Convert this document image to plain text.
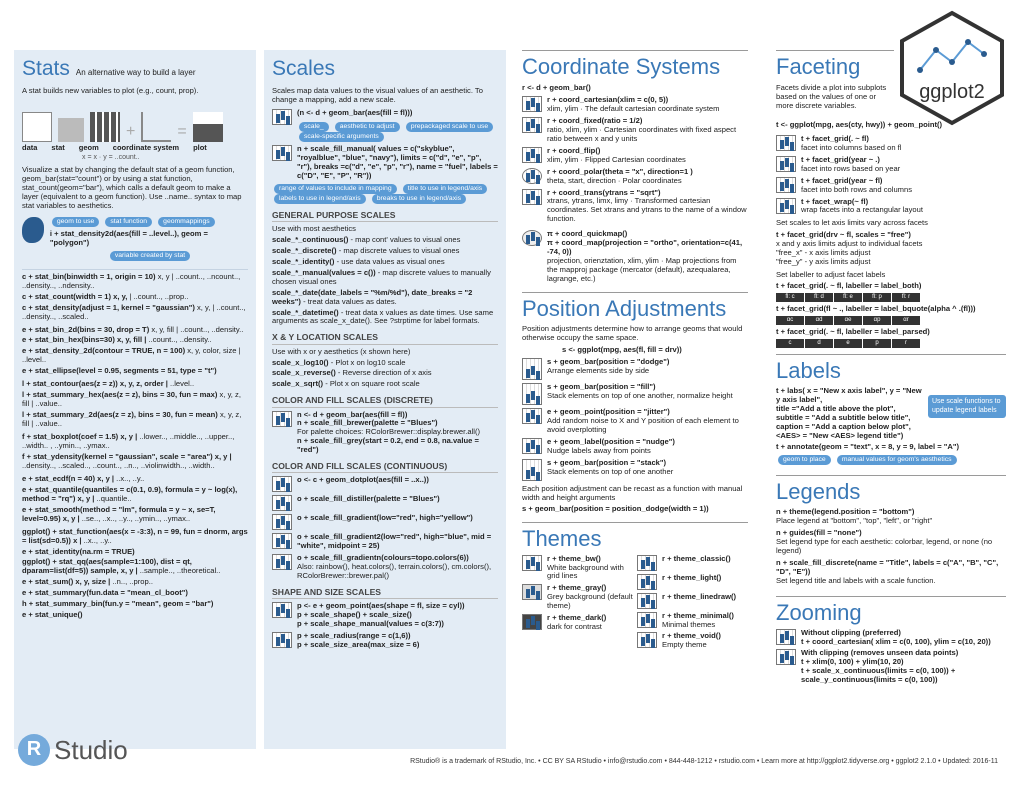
Stats An alternative way to build a layer
A stat builds new variables to plot (e.g., count, prop).
+	=
data stat geom coordinate system plot
x = x · y = ..count..
Visualize a stat by changing the default stat of a geom function, geom_bar(stat="count") or by using a stat function, stat_count(geom="bar"), which calls a default geom to make a layer (equivalent to a geom function). Use ..name.. syntax to map stat variables to aesthetics.
geom to use stat function geommappings
i + stat_density2d(aes(fill = ..level..), geom = "polygon")
variable created by stat
c + stat_bin(binwidth = 1, origin = 10) x, y | ..count.., ..ncount.., ..density.., ..ndensity..
c + stat_count(width = 1) x, y, | ..count.., ..prop..
c + stat_density(adjust = 1, kernel = "gaussian") x, y, | ..count.., ..density.., ..scaled..
e + stat_bin_2d(bins = 30, drop = T) x, y, fill | ..count.., ..density..
e + stat_bin_hex(bins=30) x, y, fill | ..count.., ..density..
e + stat_density_2d(contour = TRUE, n = 100) x, y, color, size | ..level..
e + stat_ellipse(level = 0.95, segments = 51, type = "t")
l + stat_contour(aes(z = z)) x, y, z, order | ..level..
l + stat_summary_hex(aes(z = z), bins = 30, fun = max) x, y, z, fill | ..value..
l + stat_summary_2d(aes(z = z), bins = 30, fun = mean) x, y, z, fill | ..value..
f + stat_boxplot(coef = 1.5) x, y | ..lower.., ..middle.., ..upper.., ..width.. , ..ymin.., ..ymax..
f + stat_ydensity(kernel = "gaussian", scale = "area") x, y | ..density.., ..scaled.., ..count.., ..n.., ..violinwidth.., ..width..
e + stat_ecdf(n = 40) x, y | ..x.., ..y..
e + stat_quantile(quantiles = c(0.1, 0.9), formula = y ~ log(x), method = "rq") x, y | ..quantile..
e + stat_smooth(method = "lm", formula = y ~ x, se=T, level=0.95) x, y | ..se.., ..x.., ..y.., ..ymin.., ..ymax..
ggplot() + stat_function(aes(x = -3:3), n = 99, fun = dnorm, args = list(sd=0.5)) x | ..x.., ..y..
e + stat_identity(na.rm = TRUE)
ggplot() + stat_qq(aes(sample=1:100), dist = qt, dparam=list(df=5)) sample, x, y | ..sample.., ..theoretical..
e + stat_sum() x, y, size | ..n.., ..prop..
e + stat_summary(fun.data = "mean_cl_boot")
h + stat_summary_bin(fun.y = "mean", geom = "bar")
e + stat_unique()
Scales
Scales map data values to the visual values of an aesthetic. To change a mapping, add a new scale.
(n <- d + geom_bar(aes(fill = fl)))
scale_ aesthetic to adjust prepackaged scale to use scale-specific arguments
n + scale_fill_manual( values = c("skyblue", "royalblue", "blue", "navy"), limits = c("d", "e", "p", "r"), breaks =c("d", "e", "p", "r"), name = "fuel", labels = c("D", "E", "P", "R"))
range of values to include in mapping title to use in legend/axis labels to use in legend/axis breaks to use in legend/axis
GENERAL PURPOSE SCALES
Use with most aesthetics
scale_*_continuous() - map cont' values to visual ones
scale_*_discrete() - map discrete values to visual ones
scale_*_identity() - use data values as visual ones
scale_*_manual(values = c()) - map discrete values to manually chosen visual ones
scale_*_date(date_labels = "%m/%d"), date_breaks = "2 weeks") - treat data values as dates.
scale_*_datetime() - treat data x values as date times. Use same arguments as scale_x_date(). See ?strptime for label formats.
X & Y LOCATION SCALES
Use with x or y aesthetics (x shown here)
scale_x_log10() - Plot x on log10 scale
scale_x_reverse() - Reverse direction of x axis
scale_x_sqrt() - Plot x on square root scale
COLOR AND FILL SCALES (DISCRETE)
n <- d + geom_bar(aes(fill = fl))
n + scale_fill_brewer(palette = "Blues")
For palette choices: RColorBrewer::display.brewer.all()
n + scale_fill_grey(start = 0.2, end = 0.8, na.value = "red")
COLOR AND FILL SCALES (CONTINUOUS)
o <- c + geom_dotplot(aes(fill = ..x..))
o + scale_fill_distiller(palette = "Blues")
o + scale_fill_gradient(low="red", high="yellow")
o + scale_fill_gradient2(low="red", high="blue", mid = "white", midpoint = 25)
o + scale_fill_gradientn(colours=topo.colors(6))
Also: rainbow(), heat.colors(), terrain.colors(), cm.colors(), RColorBrewer::brewer.pal()
SHAPE AND SIZE SCALES
p <- e + geom_point(aes(shape = fl, size = cyl))
p + scale_shape() + scale_size()
p + scale_shape_manual(values = c(3:7))
p + scale_radius(range = c(1,6))
p + scale_size_area(max_size = 6)
Coordinate Systems
r <- d + geom_bar()
r + coord_cartesian(xlim = c(0, 5))
xlim, ylim · The default cartesian coordinate system
r + coord_fixed(ratio = 1/2)
ratio, xlim, ylim · Cartesian coordinates with fixed aspect ratio between x and y units
r + coord_flip()
xlim, ylim · Flipped Cartesian coordinates
r + coord_polar(theta = "x", direction=1 )
theta, start, direction · Polar coordinates
r + coord_trans(ytrans = "sqrt")
xtrans, ytrans, limx, limy · Transformed cartesian coordinates. Set xtrans and ytrans to the name of a window function.
π + coord_quickmap()
π + coord_map(projection = "ortho", orientation=c(41, -74, 0))
projection, orienztation, xlim, ylim · Map projections from the mapproj package (mercator (default), azequalarea, lagrange, etc.)
Position Adjustments
Position adjustments determine how to arrange geoms that would otherwise occupy the same space.
s <- ggplot(mpg, aes(fl, fill = drv))
s + geom_bar(position = "dodge")
Arrange elements side by side
s + geom_bar(position = "fill")
Stack elements on top of one another, normalize height
e + geom_point(position = "jitter")
Add random noise to X and Y position of each element to avoid overplotting
e + geom_label(position = "nudge")
Nudge labels away from points
s + geom_bar(position = "stack")
Stack elements on top of one another
Each position adjustment can be recast as a function with manual width and height arguments
s + geom_bar(position = position_dodge(width = 1))
Themes
r + theme_bw()
White background with grid lines
r + theme_gray()
Grey background (default theme)
r + theme_dark()
dark for contrast
r + theme_classic()
r + theme_light()
r + theme_linedraw()
r + theme_minimal()
Minimal themes
r + theme_void()
Empty theme
ggplot2
Faceting
Facets divide a plot into subplots based on the values of one or more discrete variables.
t <- ggplot(mpg, aes(cty, hwy)) + geom_point()
t + facet_grid(. ~ fl)
facet into columns based on fl
t + facet_grid(year ~ .)
facet into rows based on year
t + facet_grid(year ~ fl)
facet into both rows and columns
t + facet_wrap(~ fl)
wrap facets into a rectangular layout
Set scales to let axis limits vary across facets
t + facet_grid(drv ~ fl, scales = "free")
x and y axis limits adjust to individual facets
"free_x" - x axis limits adjust
"free_y" - y axis limits adjust
Set labeller to adjust facet labels
t + facet_grid(. ~ fl, labeller = label_both)
fl: c	fl: d	fl: e	fl: p	fl: r
t + facet_grid(fl ~ ., labeller = label_bquote(alpha ^ .(fl)))
αc	αd	αe	αp	αr
t + facet_grid(. ~ fl, labeller = label_parsed)
c	d	e	p	r
Labels
t + labs( x = "New x axis label", y = "New y axis label",
title ="Add a title above the plot",
subtitle = "Add a subtitle below title",
caption = "Add a caption below plot",
<AES> = "New <AES> legend title")
Use scale functions to update legend labels
t + annotate(geom = "text", x = 8, y = 9, label = "A")
geom to place manual values for geom's aesthetics
Legends
n + theme(legend.position = "bottom")
Place legend at "bottom", "top", "left", or "right"
n + guides(fill = "none")
Set legend type for each aesthetic: colorbar, legend, or none (no legend)
n + scale_fill_discrete(name = "Title", labels = c("A", "B", "C", "D", "E"))
Set legend title and labels with a scale function.
Zooming
Without clipping (preferred)
t + coord_cartesian( xlim = c(0, 100), ylim = c(10, 20))
With clipping (removes unseen data points)
t + xlim(0, 100) + ylim(10, 20)
t + scale_x_continuous(limits = c(0, 100)) + scale_y_continuous(limits = c(0, 100))
R Studio	RStudio® is a trademark of RStudio, Inc. • CC BY SA RStudio • info@rstudio.com • 844-448-1212 • rstudio.com • Learn more at http://ggplot2.tidyverse.org • ggplot2 2.1.0 • Updated: 2016-11
